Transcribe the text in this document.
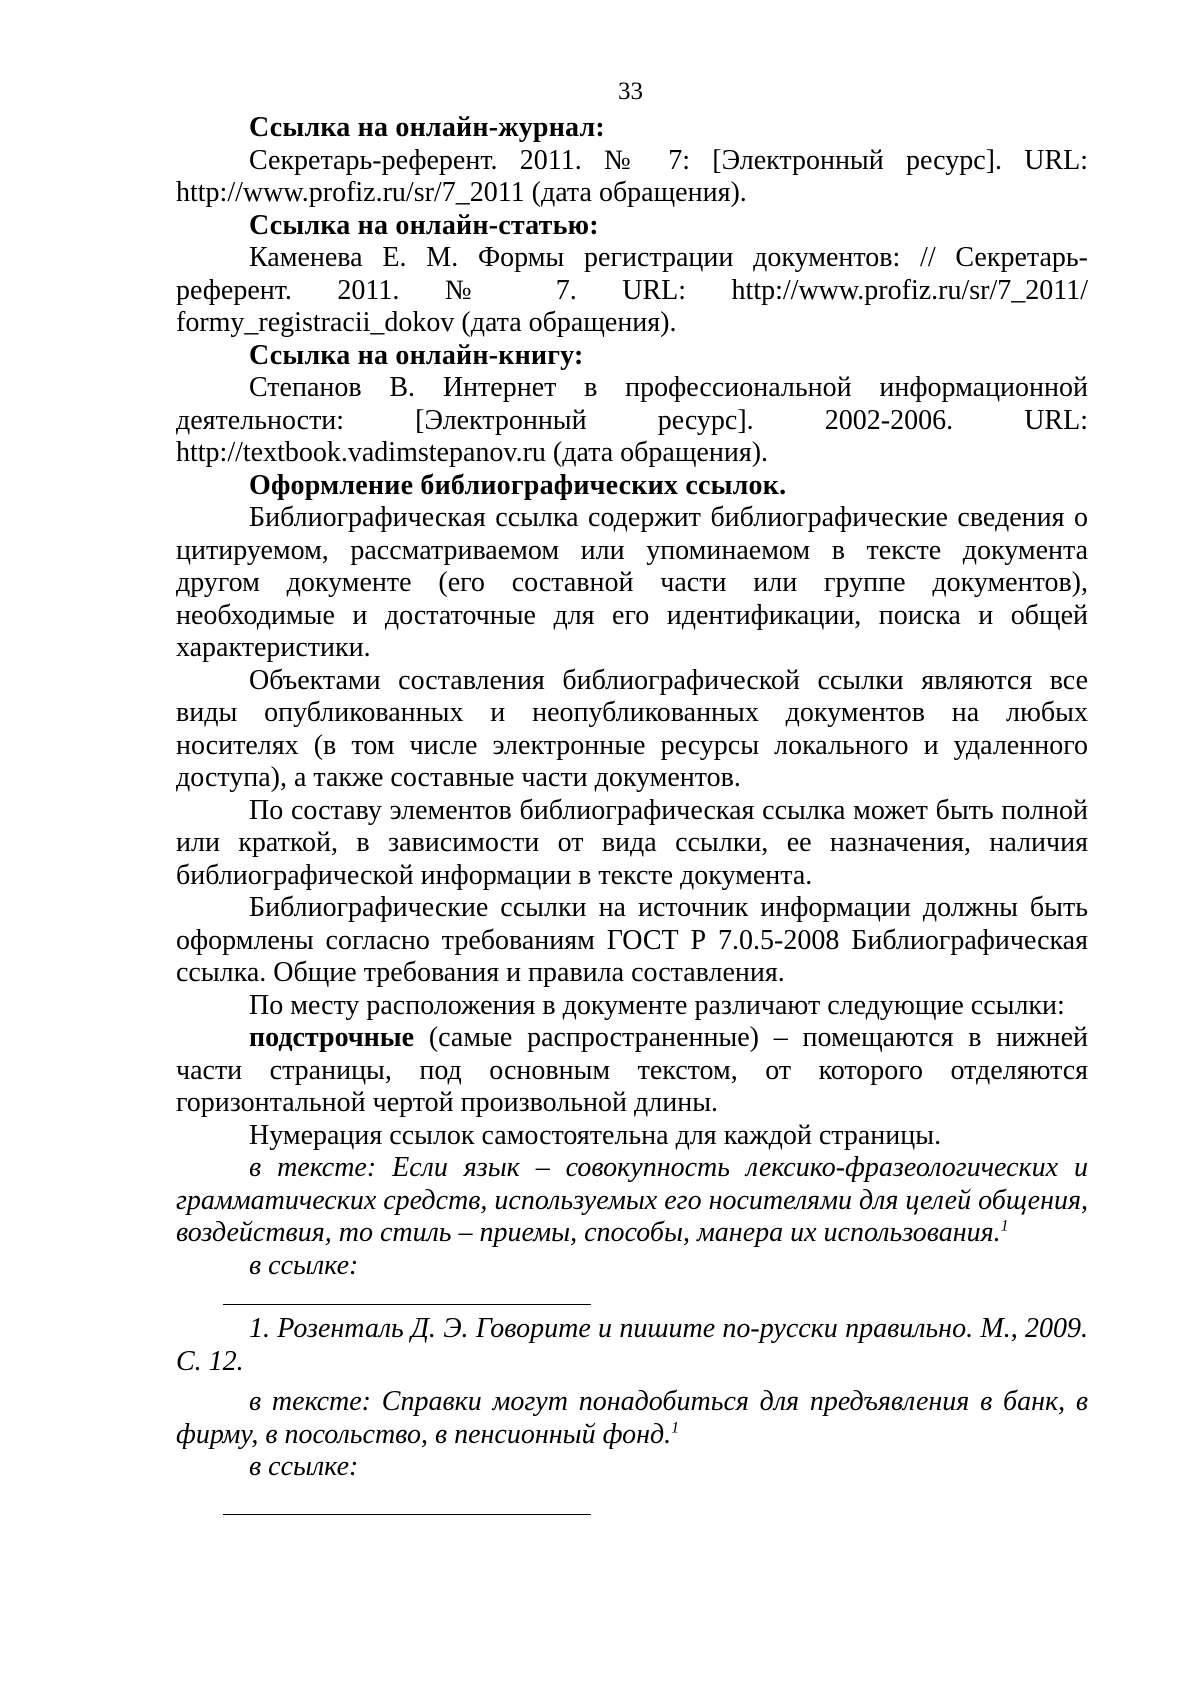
33

Ссылка на онлайн-журнал:

Секретарь-референт. 2011. № 7: [Электронный ресурс]. URL: http://www.profiz.ru/sr/7_2011 (дата обращения).

Ссылка на онлайн-статью:

Каменева Е. М. Формы регистрации документов: // Секретарь-референт. 2011. № 7. URL: http://www.profiz.ru/sr/7_2011/ formy_registracii_dokov (дата обращения).

Ссылка на онлайн-книгу:

Степанов В. Интернет в профессиональной информационной деятельности: [Электронный ресурс]. 2002-2006. URL: http://textbook.vadimstepanov.ru (дата обращения).

Оформление библиографических ссылок.

Библиографическая ссылка содержит библиографические сведения о цитируемом, рассматриваемом или упоминаемом в тексте документа другом документе (его составной части или группе документов), необходимые и достаточные для его идентификации, поиска и общей характеристики.

Объектами составления библиографической ссылки являются все виды опубликованных и неопубликованных документов на любых носителях (в том числе электронные ресурсы локального и удаленного доступа), а также составные части документов.

По составу элементов библиографическая ссылка может быть полной или краткой, в зависимости от вида ссылки, ее назначения, наличия библиографической информации в тексте документа.

Библиографические ссылки на источник информации должны быть оформлены согласно требованиям ГОСТ Р 7.0.5-2008 Библиографическая ссылка. Общие требования и правила составления.

По месту расположения в документе различают следующие ссылки:

подстрочные (самые распространенные) – помещаются в нижней части страницы, под основным текстом, от которого отделяются горизонтальной чертой произвольной длины.

Нумерация ссылок самостоятельна для каждой страницы.

в тексте: Если язык – совокупность лексико-фразеологических и грамматических средств, используемых его носителями для целей общения, воздействия, то стиль – приемы, способы, манера их использования.$^1$

в ссылке:

1. Розенталь Д. Э. Говорите и пишите по-русски правильно. М., 2009. С. 12.

в тексте: Справки могут понадобиться для предъявления в банк, в фирму, в посольство, в пенсионный фонд.$^1$

в ссылке:
